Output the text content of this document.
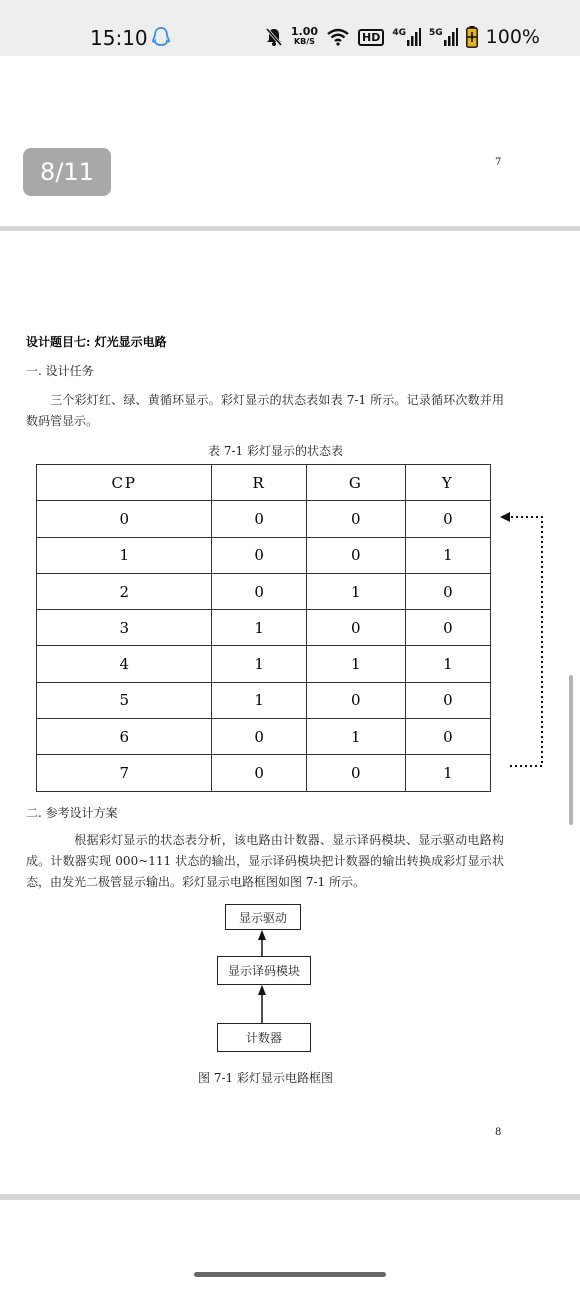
15:10	1.00
KB/S	HD	4G	5G 100%
8/11	7
设计题目七: 灯光显示电路
一. 设计任务
三个彩灯红、绿、黄循环显示。彩灯显示的状态表如表 7-1 所示。记录循环次数并用数码管显示。
表 7-1 彩灯显示的状态表
CP	R	G	Y
0	0	0	0
1	0	0	1
2	0	1	0
3	1	0	0
4	1	1	1
5	1	0	0
6	0	1	0
7	0	0	1
二. 参考设计方案
根据彩灯显示的状态表分析，该电路由计数器、显示译码模块、显示驱动电路构成。计数器实现 000~111 状态的输出，显示译码模块把计数器的输出转换成彩灯显示状态，由发光二极管显示输出。彩灯显示电路框图如图 7-1 所示。
显示驱动
显示译码模块
计数器
图 7-1 彩灯显示电路框图
8
